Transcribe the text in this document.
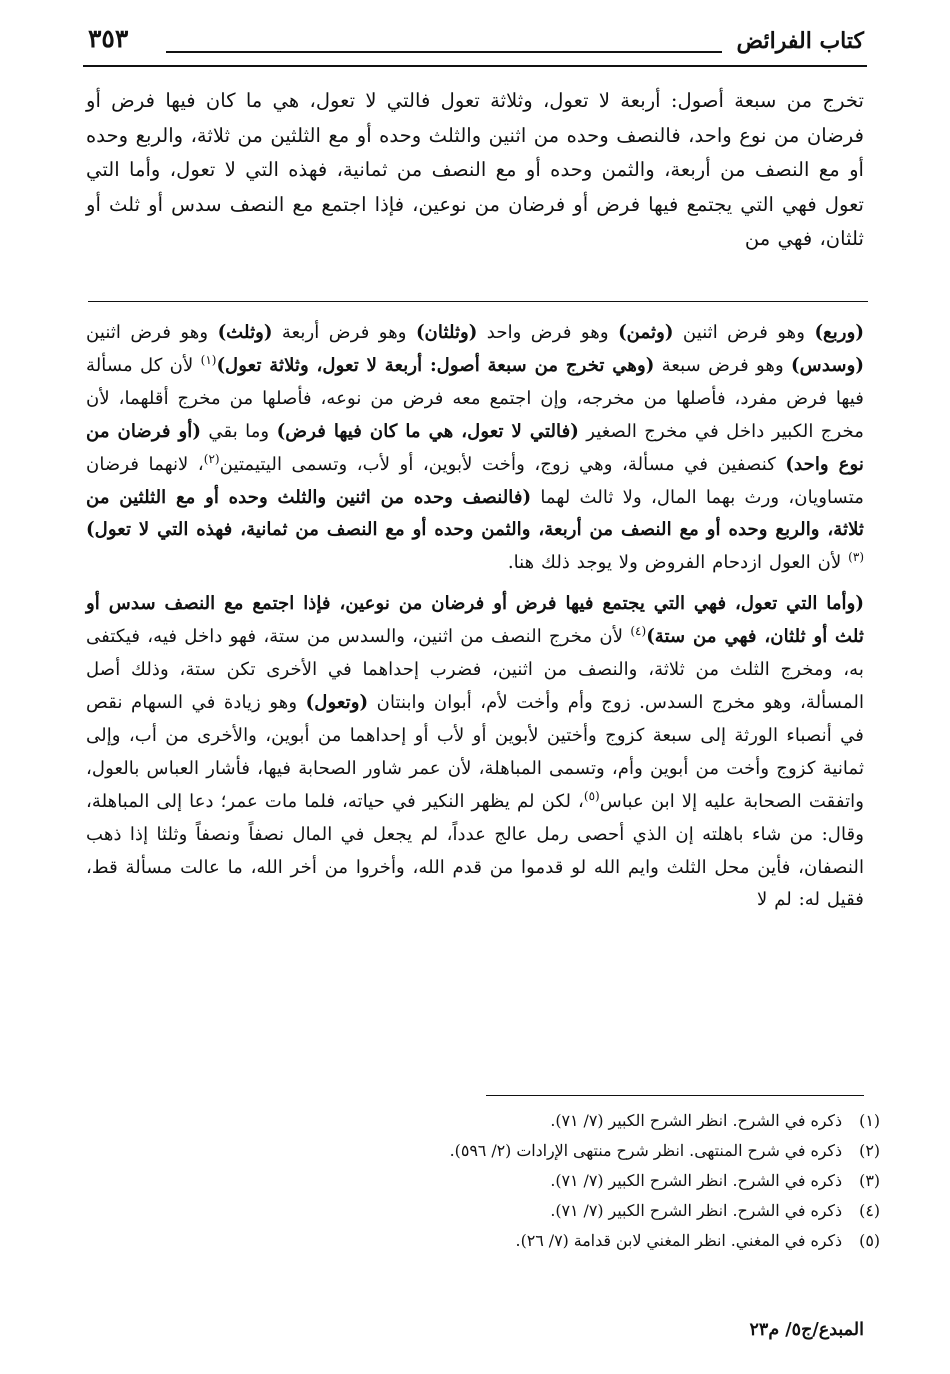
كتاب الفرائض
٣٥٣

تخرج من سبعة أصول: أربعة لا تعول، وثلاثة تعول فالتي لا تعول، هي ما كان فيها فرض أو فرضان من نوع واحد، فالنصف وحده من اثنين والثلث وحده أو مع الثلثين من ثلاثة، والربع وحده أو مع النصف من أربعة، والثمن وحده أو مع النصف من ثمانية، فهذه التي لا تعول، وأما التي تعول فهي التي يجتمع فيها فرض أو فرضان من نوعين، فإذا اجتمع مع النصف سدس أو ثلث أو ثلثان، فهي من

(وربع) وهو فرض اثنين (وثمن) وهو فرض واحد (وثلثان) وهو فرض أربعة (وثلث) وهو فرض اثنين (وسدس) وهو فرض سبعة (وهي تخرج من سبعة أصول: أربعة لا تعول، وثلاثة تعول)$^{(١)}$ لأن كل مسألة فيها فرض مفرد، فأصلها من مخرجه، وإن اجتمع معه فرض من نوعه، فأصلها من مخرج أقلهما، لأن مخرج الكبير داخل في مخرج الصغير (فالتي لا تعول، هي ما كان فيها فرض) وما بقي (أو فرضان من نوع واحد) كنصفين في مسألة، وهي زوج، وأخت لأبوين، أو لأب، وتسمى اليتيمتين$^{(٢)}$، لانهما فرضان متساويان، ورث بهما المال، ولا ثالث لهما (فالنصف وحده من اثنين والثلث وحده أو مع الثلثين من ثلاثة، والربع وحده أو مع النصف من أربعة، والثمن وحده أو مع النصف من ثمانية، فهذه التي لا تعول)$^{(٣)}$ لأن العول ازدحام الفروض ولا يوجد ذلك هنا.

(وأما التي تعول، فهي التي يجتمع فيها فرض أو فرضان من نوعين، فإذا اجتمع مع النصف سدس أو ثلث أو ثلثان، فهي من ستة)$^{(٤)}$ لأن مخرج النصف من اثنين، والسدس من ستة، فهو داخل فيه، فيكتفى به، ومخرج الثلث من ثلاثة، والنصف من اثنين، فضرب إحداهما في الأخرى تكن ستة، وذلك أصل المسألة، وهو مخرج السدس. زوج وأم وأخت لأم، أبوان وابنتان (وتعول) وهو زيادة في السهام نقص في أنصباء الورثة إلى سبعة كزوج وأختين لأبوين أو لأب أو إحداهما من أبوين، والأخرى من أب، وإلى ثمانية كزوج وأخت من أبوين وأم، وتسمى المباهلة، لأن عمر شاور الصحابة فيها، فأشار العباس بالعول، واتفقت الصحابة عليه إلا ابن عباس$^{(٥)}$، لكن لم يظهر النكير في حياته، فلما مات عمر؛ دعا إلى المباهلة، وقال: من شاء باهلته إن الذي أحصى رمل عالج عدداً، لم يجعل في المال نصفاً ونصفاً وثلثا إذا ذهب النصفان، فأين محل الثلث وايم الله لو قدموا من قدم الله، وأخروا من أخر الله، ما عالت مسألة قط، فقيل له: لم لا

(١)ذكره في الشرح. انظر الشرح الكبير (٧/ ٧١).
(٢)ذكره في شرح المنتهى. انظر شرح منتهى الإرادات (٢/ ٥٩٦).
(٣)ذكره في الشرح. انظر الشرح الكبير (٧/ ٧١).
(٤)ذكره في الشرح. انظر الشرح الكبير (٧/ ٧١).
(٥)ذكره في المغني. انظر المغني لابن قدامة (٧/ ٢٦).
المبدع/ج٥/ م٢٣
